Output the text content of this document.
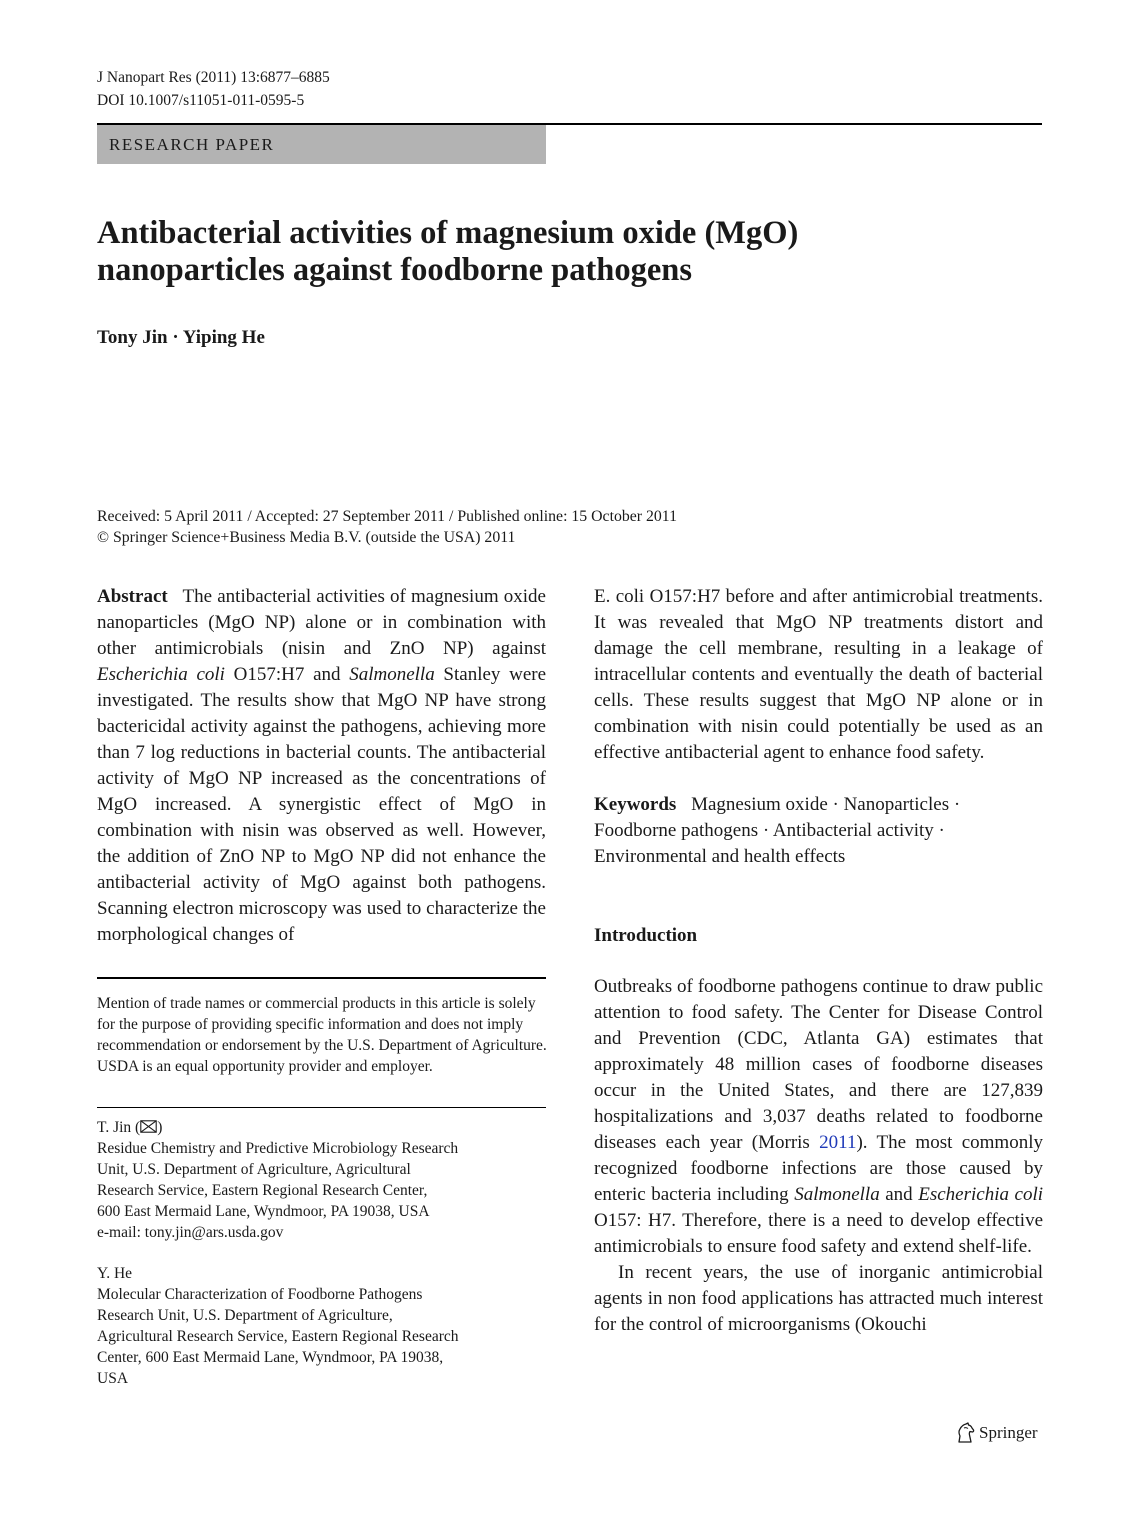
J Nanopart Res (2011) 13:6877–6885
DOI 10.1007/s11051-011-0595-5
RESEARCH PAPER
Antibacterial activities of magnesium oxide (MgO)
nanoparticles against foodborne pathogens
Tony Jin · Yiping He
Received: 5 April 2011 / Accepted: 27 September 2011 / Published online: 15 October 2011
© Springer Science+Business Media B.V. (outside the USA) 2011
Abstract The antibacterial activities of magnesium oxide nanoparticles (MgO NP) alone or in combination with other antimicrobials (nisin and ZnO NP) against Escherichia coli O157:H7 and Salmonella Stanley were investigated. The results show that MgO NP have strong bactericidal activity against the pathogens, achieving more than 7 log reductions in bacterial counts. The antibacterial activity of MgO NP increased as the concentrations of MgO increased. A synergistic effect of MgO in combination with nisin was observed as well. However, the addition of ZnO NP to MgO NP did not enhance the antibacterial activity of MgO against both pathogens. Scanning electron microscopy was used to characterize the morphological changes of
E. coli O157:H7 before and after antimicrobial treatments. It was revealed that MgO NP treatments distort and damage the cell membrane, resulting in a leakage of intracellular contents and eventually the death of bacterial cells. These results suggest that MgO NP alone or in combination with nisin could potentially be used as an effective antibacterial agent to enhance food safety.
Keywords Magnesium oxide · Nanoparticles · Foodborne pathogens · Antibacterial activity · Environmental and health effects
Introduction
Outbreaks of foodborne pathogens continue to draw public attention to food safety. The Center for Disease Control and Prevention (CDC, Atlanta GA) estimates that approximately 48 million cases of foodborne diseases occur in the United States, and there are 127,839 hospitalizations and 3,037 deaths related to foodborne diseases each year (Morris 2011). The most commonly recognized foodborne infections are those caused by enteric bacteria including Salmonella and Escherichia coli O157: H7. Therefore, there is a need to develop effective antimicrobials to ensure food safety and extend shelf-life.
In recent years, the use of inorganic antimicrobial agents in non food applications has attracted much interest for the control of microorganisms (Okouchi
Mention of trade names or commercial products in this article is solely for the purpose of providing specific information and does not imply recommendation or endorsement by the U.S. Department of Agriculture. USDA is an equal opportunity provider and employer.
T. Jin ( )
Residue Chemistry and Predictive Microbiology Research
Unit, U.S. Department of Agriculture, Agricultural
Research Service, Eastern Regional Research Center,
600 East Mermaid Lane, Wyndmoor, PA 19038, USA
e-mail: tony.jin@ars.usda.gov
Y. He
Molecular Characterization of Foodborne Pathogens
Research Unit, U.S. Department of Agriculture,
Agricultural Research Service, Eastern Regional Research
Center, 600 East Mermaid Lane, Wyndmoor, PA 19038,
USA
Springer
